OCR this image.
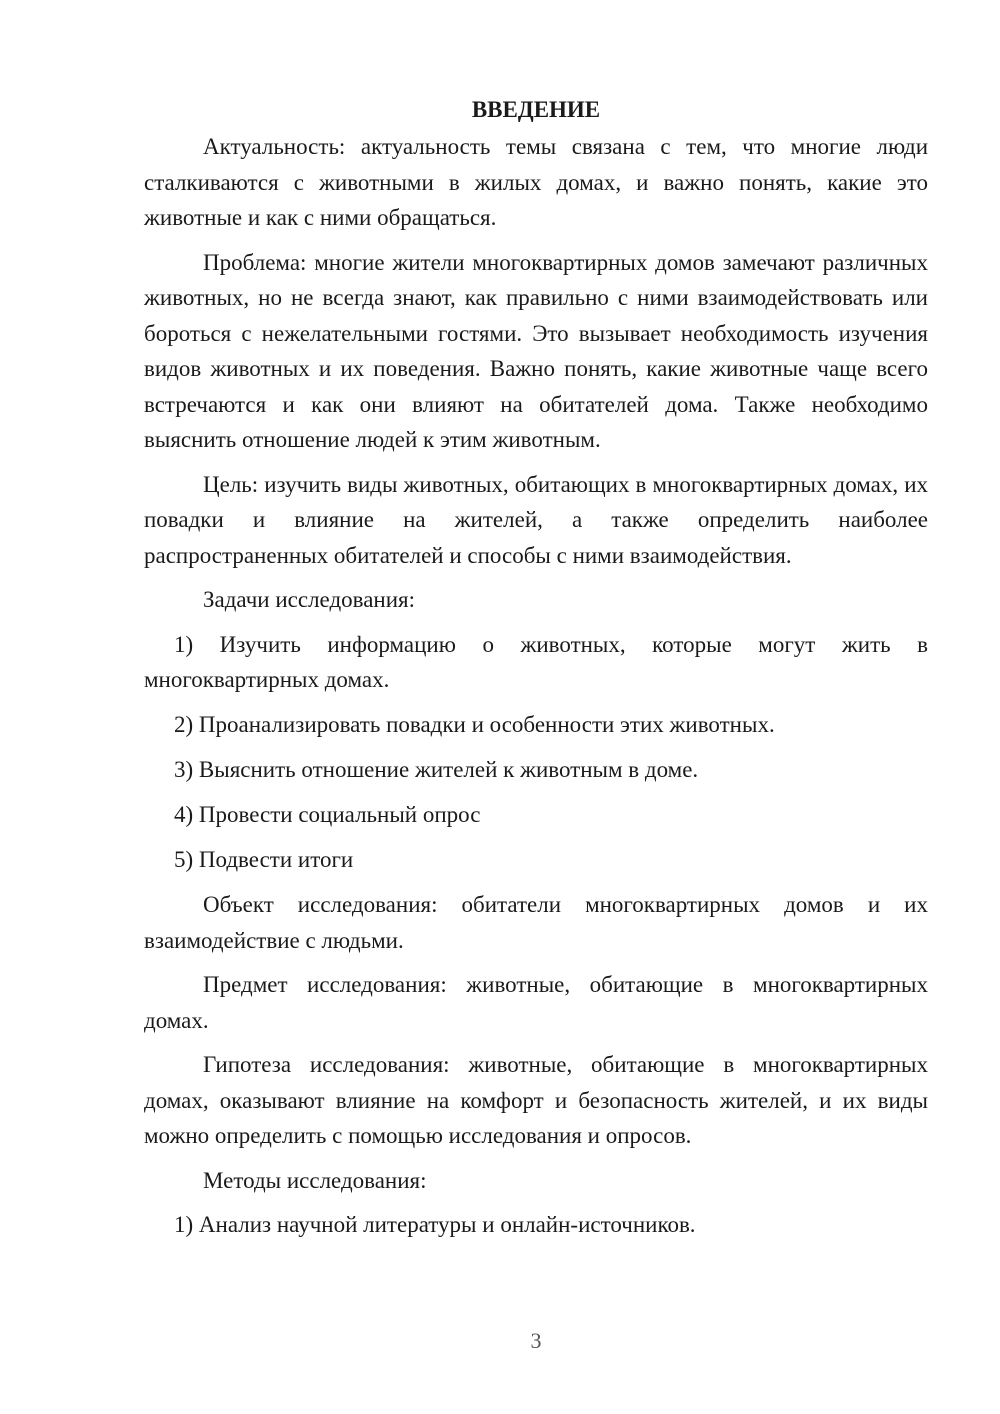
ВВЕДЕНИЕ

Актуальность: актуальность темы связана с тем, что многие люди сталкиваются с животными в жилых домах, и важно понять, какие это животные и как с ними обращаться.

Проблема: многие жители многоквартирных домов замечают различных животных, но не всегда знают, как правильно с ними взаимодействовать или бороться с нежелательными гостями. Это вызывает необходимость изучения видов животных и их поведения. Важно понять, какие животные чаще всего встречаются и как они влияют на обитателей дома. Также необходимо выяснить отношение людей к этим животным.

Цель: изучить виды животных, обитающих в многоквартирных домах, их повадки и влияние на жителей, а также определить наиболее распространенных обитателей и способы с ними взаимодействия.

Задачи исследования:

1) Изучить информацию о животных, которые могут жить в многоквартирных домах.

2) Проанализировать повадки и особенности этих животных.

3) Выяснить отношение жителей к животным в доме.

4) Провести социальный опрос

5) Подвести итоги

Объект исследования: обитатели многоквартирных домов и их взаимодействие с людьми.

Предмет исследования: животные, обитающие в многоквартирных домах.

Гипотеза исследования: животные, обитающие в многоквартирных домах, оказывают влияние на комфорт и безопасность жителей, и их виды можно определить с помощью исследования и опросов.

Методы исследования:

1) Анализ научной литературы и онлайн-источников.

3
